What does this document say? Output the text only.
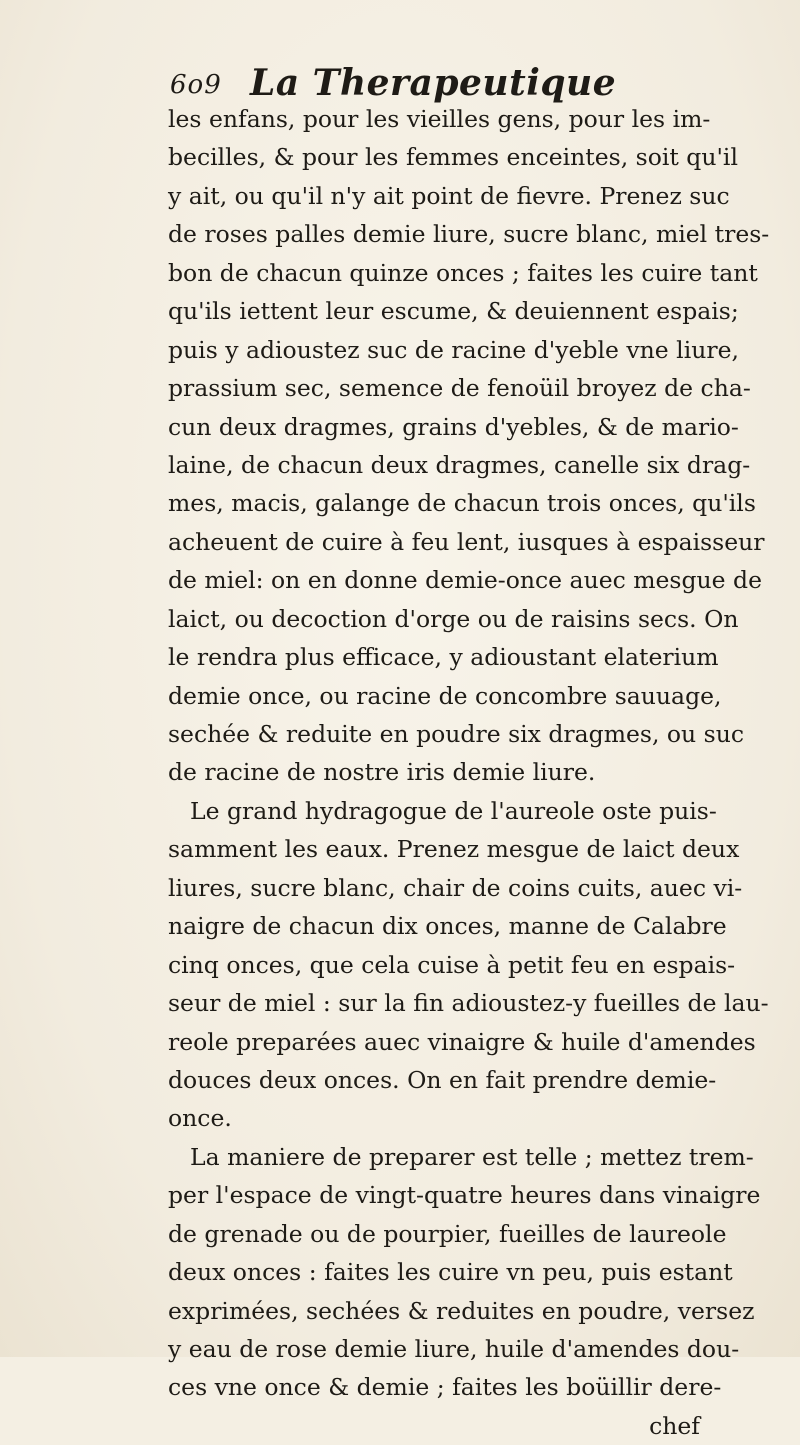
6o9 La Therapeutique
les enfans, pour les vieilles gens, pour les im-
becilles, & pour les femmes enceintes, soit qu'il
y ait, ou qu'il n'y ait point de fievre. Prenez suc
de roses palles demie liure, sucre blanc, miel tres-
bon de chacun quinze onces ; faites les cuire tant
qu'ils iettent leur escume, & deuiennent espais;
puis y adioustez suc de racine d'yeble vne liure,
prassium sec, semence de fenoüil broyez de cha-
cun deux dragmes, grains d'yebles, & de mario-
laine, de chacun deux dragmes, canelle six drag-
mes, macis, galange de chacun trois onces, qu'ils
acheuent de cuire à feu lent, iusques à espaisseur
de miel: on en donne demie-once auec mesgue de
laict, ou decoction d'orge ou de raisins secs. On
le rendra plus efficace, y adioustant elaterium
demie once, ou racine de concombre sauuage,
sechée & reduite en poudre six dragmes, ou suc
de racine de nostre iris demie liure.
Le grand hydragogue de l'aureole oste puis-
samment les eaux. Prenez mesgue de laict deux
liures, sucre blanc, chair de coins cuits, auec vi-
naigre de chacun dix onces, manne de Calabre
cinq onces, que cela cuise à petit feu en espais-
seur de miel : sur la fin adioustez-y fueilles de lau-
reole preparées auec vinaigre & huile d'amendes
douces deux onces. On en fait prendre demie-
once.
La maniere de preparer est telle ; mettez trem-
per l'espace de vingt-quatre heures dans vinaigre
de grenade ou de pourpier, fueilles de laureole
deux onces : faites les cuire vn peu, puis estant
exprimées, sechées & reduites en poudre, versez
y eau de rose demie liure, huile d'amendes dou-
ces vne once & demie ; faites les boüillir dere-
chef
